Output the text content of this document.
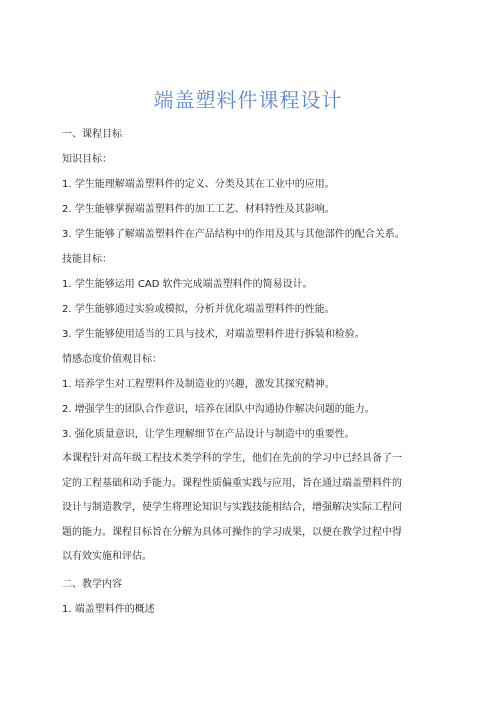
端盖塑料件课程设计
一、课程目标
知识目标：
1. 学生能理解端盖塑料件的定义、分类及其在工业中的应用。
2. 学生能够掌握端盖塑料件的加工工艺、材料特性及其影响。
3. 学生能够了解端盖塑料件在产品结构中的作用及其与其他部件的配合关系。
技能目标：
1. 学生能够运用 CAD 软件完成端盖塑料件的简易设计。
2. 学生能够通过实验或模拟，分析并优化端盖塑料件的性能。
3. 学生能够使用适当的工具与技术，对端盖塑料件进行拆装和检验。
情感态度价值观目标：
1. 培养学生对工程塑料件及制造业的兴趣，激发其探究精神。
2. 增强学生的团队合作意识，培养在团队中沟通协作解决问题的能力。
3. 强化质量意识，让学生理解细节在产品设计与制造中的重要性。
本课程针对高年级工程技术类学科的学生，他们在先前的学习中已经具备了一
定的工程基础和动手能力。课程性质偏重实践与应用，旨在通过端盖塑料件的
设计与制造教学，使学生将理论知识与实践技能相结合，增强解决实际工程问
题的能力。课程目标旨在分解为具体可操作的学习成果，以便在教学过程中得
以有效实施和评估。
二、教学内容
1. 端盖塑料件的概述
